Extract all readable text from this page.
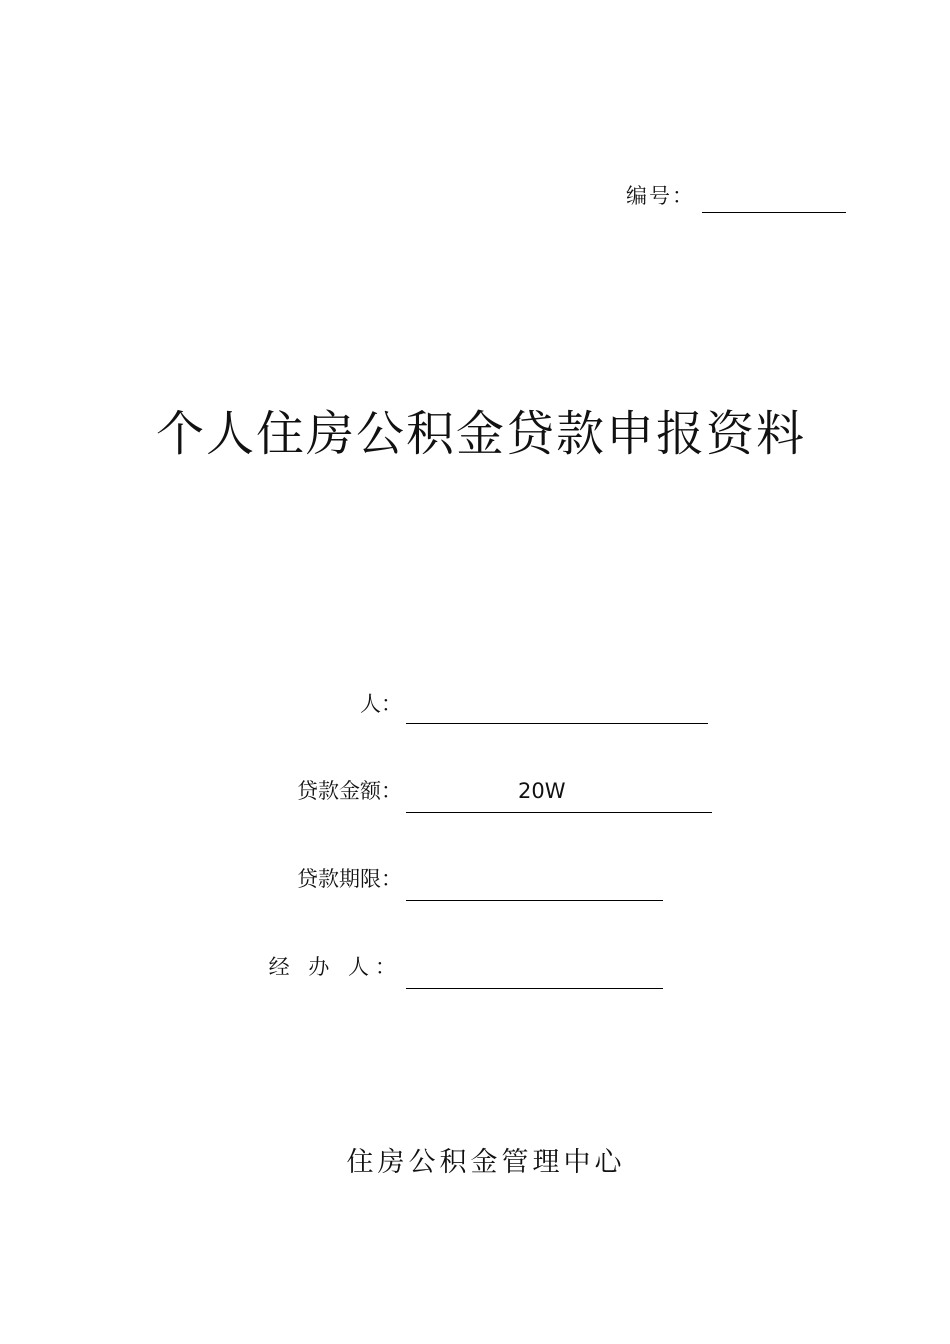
编号：
个人住房公积金贷款申报资料
人：
贷款金额：	20W
贷款期限：
经 办 人：
住房公积金管理中心
